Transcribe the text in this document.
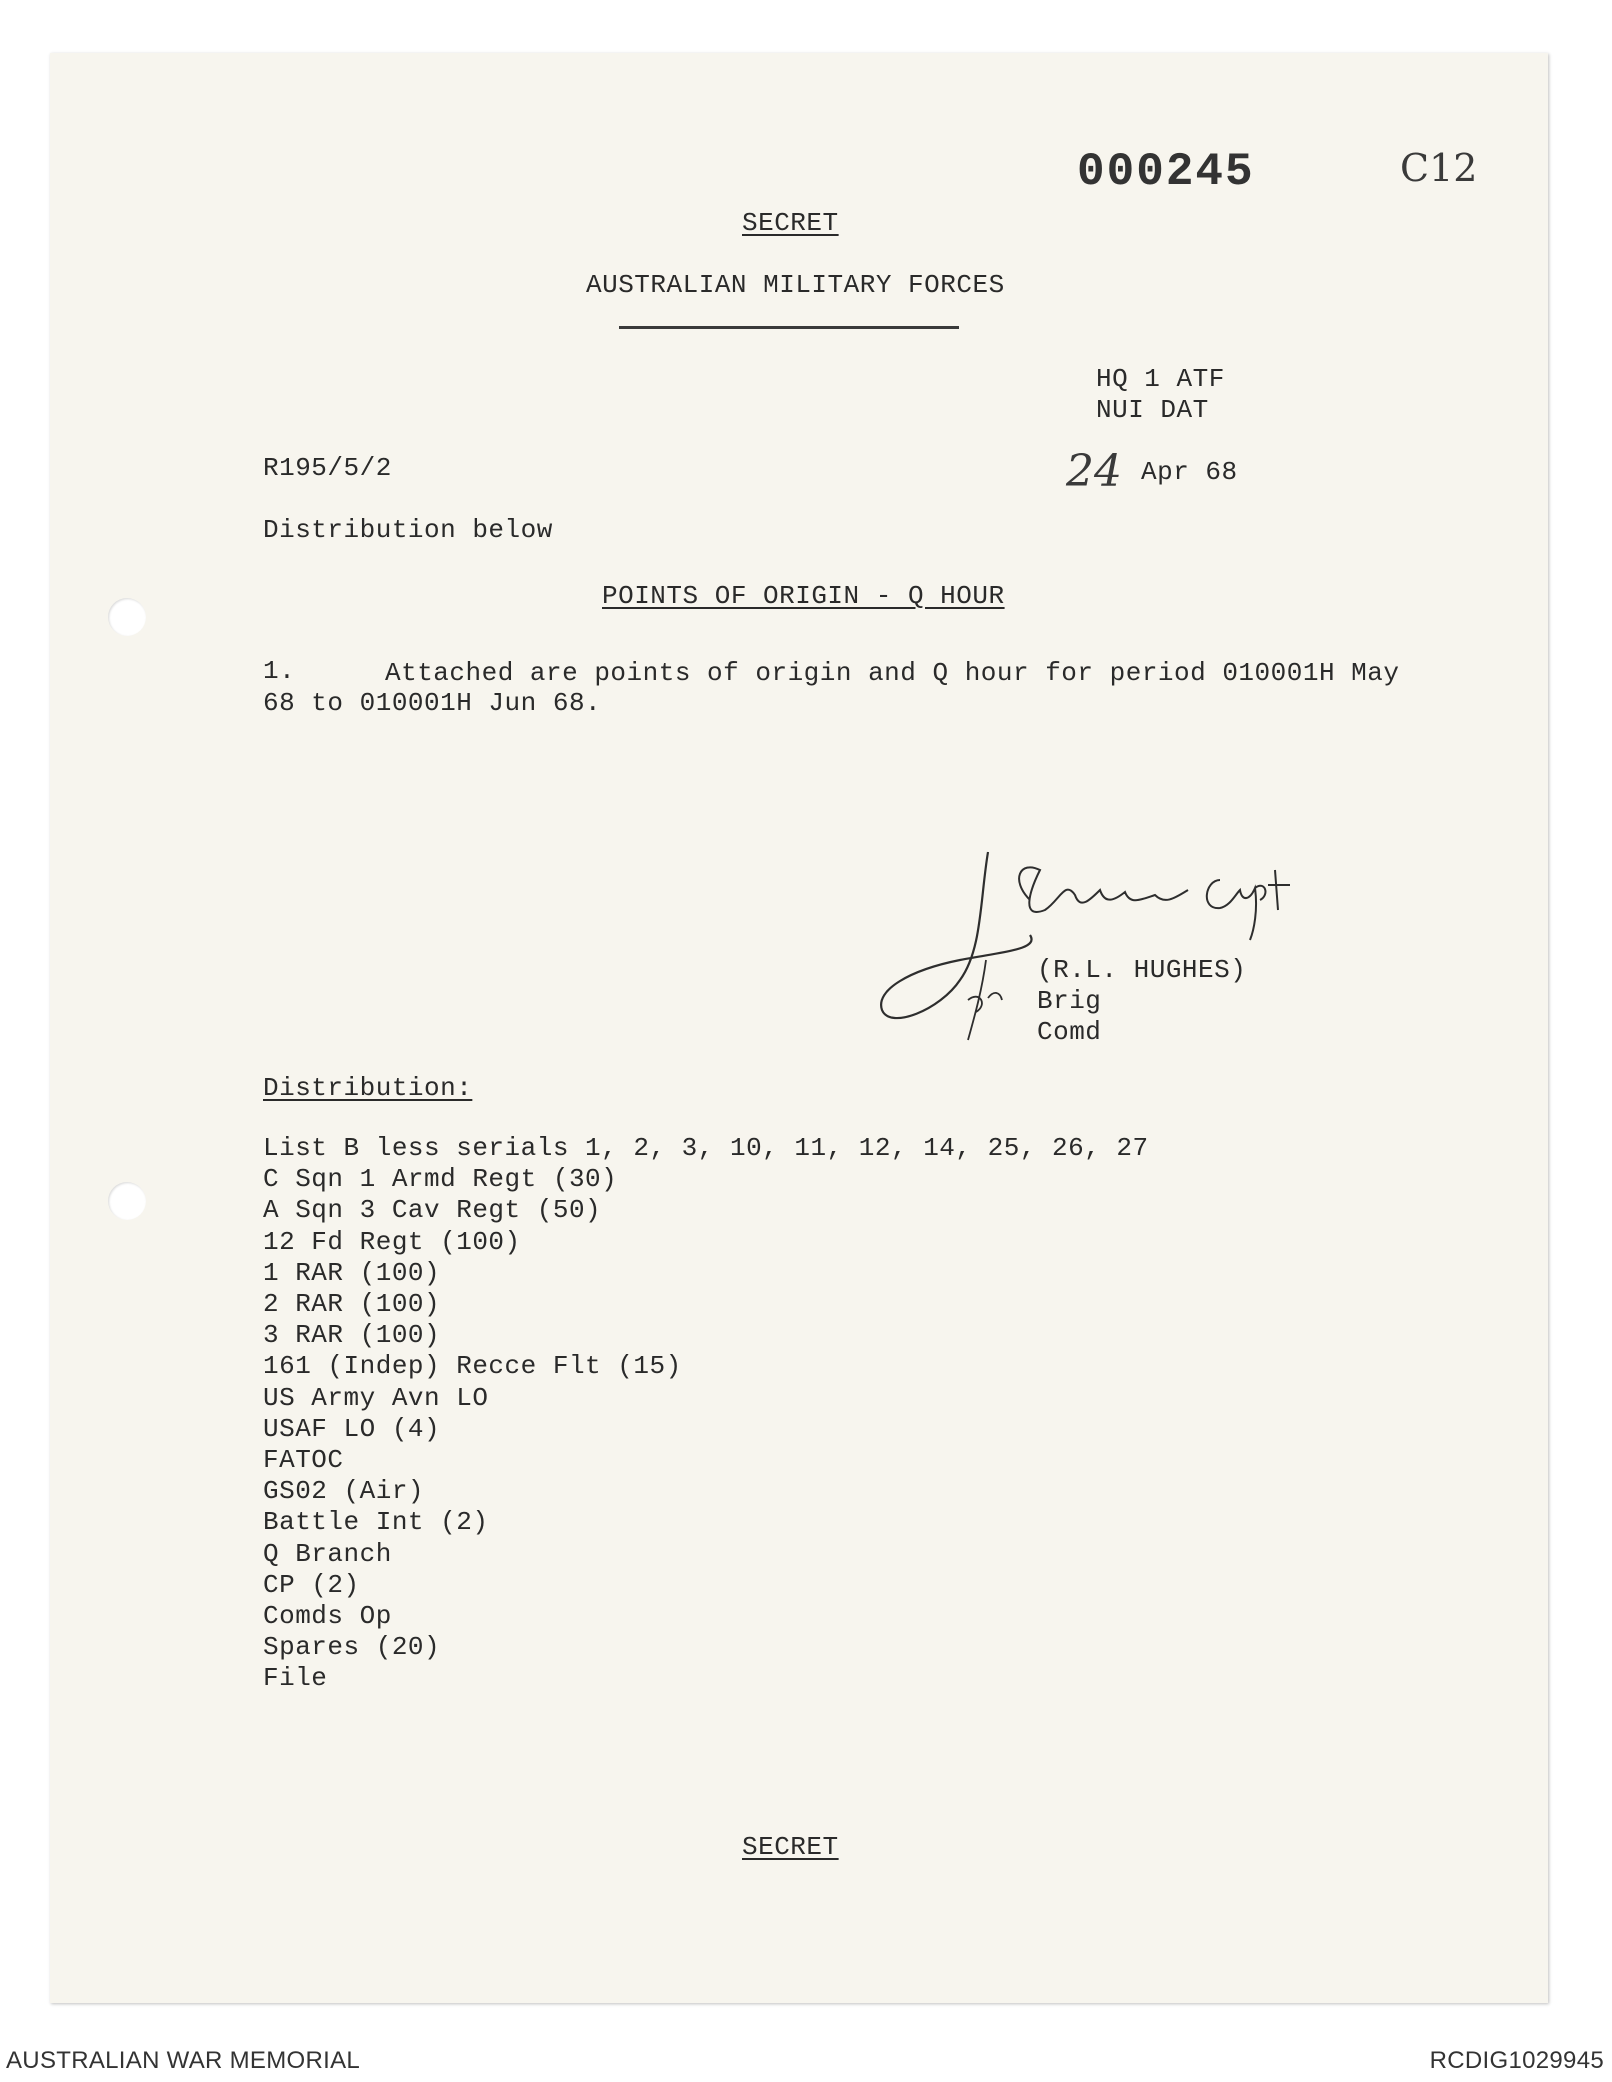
000245	C12
SECRET
AUSTRALIAN MILITARY FORCES
HQ 1 ATF
NUI DAT
R195/5/2	24 Apr 68
Distribution below
POINTS OF ORIGIN - Q HOUR
1.	Attached are points of origin and Q hour for period 010001H May
68 to 010001H Jun 68.
(R.L. HUGHES)
Brig
Comd
Distribution:
List B less serials 1, 2, 3, 10, 11, 12, 14, 25, 26, 27
C Sqn 1 Armd Regt (30)
A Sqn 3 Cav Regt (50)
12 Fd Regt (100)
1 RAR (100)
2 RAR (100)
3 RAR (100)
161 (Indep) Recce Flt (15)
US Army Avn LO
USAF LO (4)
FATOC
GS02 (Air)
Battle Int (2)
Q Branch
CP (2)
Comds Op
Spares (20)
File
SECRET
AUSTRALIAN WAR MEMORIAL	RCDIG1029945
